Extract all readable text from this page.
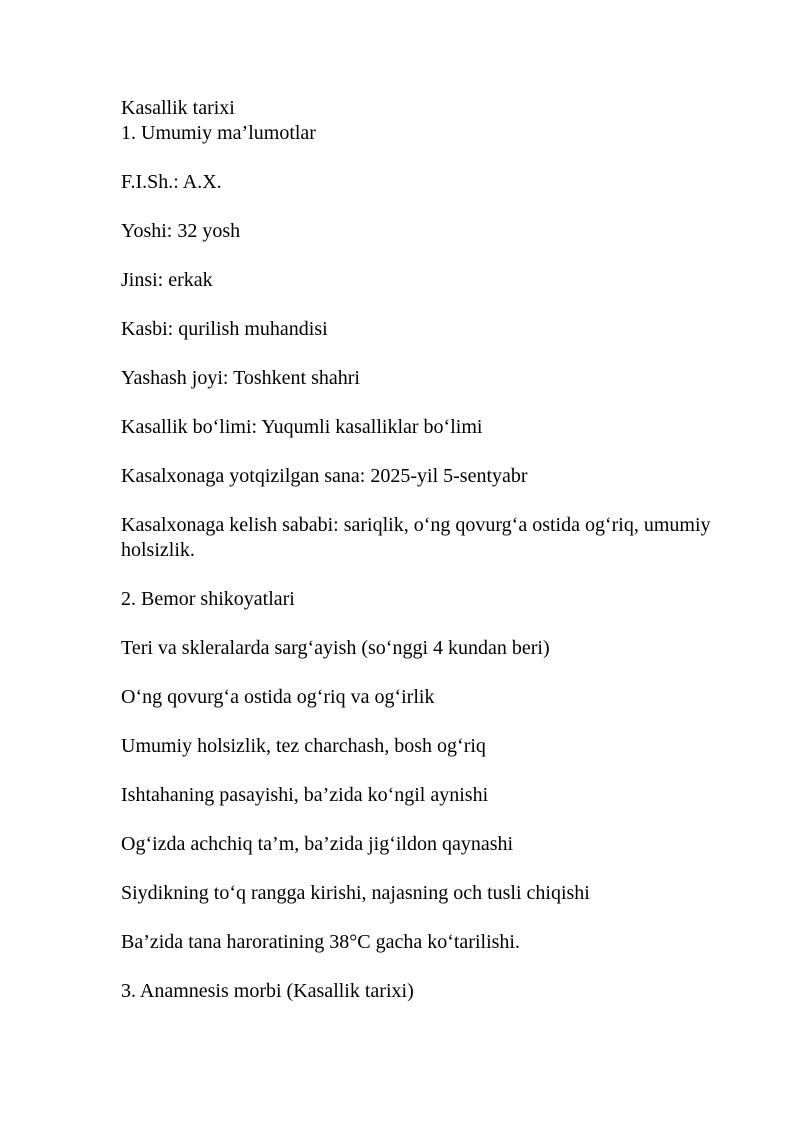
Kasallik tarixi

1. Umumiy ma’lumotlar

F.I.Sh.: A.X.

Yoshi: 32 yosh

Jinsi: erkak

Kasbi: qurilish muhandisi

Yashash joyi: Toshkent shahri

Kasallik bo‘limi: Yuqumli kasalliklar bo‘limi

Kasalxonaga yotqizilgan sana: 2025-yil 5-sentyabr

Kasalxonaga kelish sababi: sariqlik, o‘ng qovurg‘a ostida og‘riq, umumiy holsizlik.

2. Bemor shikoyatlari

Teri va skleralarda sarg‘ayish (so‘nggi 4 kundan beri)

O‘ng qovurg‘a ostida og‘riq va og‘irlik

Umumiy holsizlik, tez charchash, bosh og‘riq

Ishtahaning pasayishi, ba’zida ko‘ngil aynishi

Og‘izda achchiq ta’m, ba’zida jig‘ildon qaynashi

Siydikning to‘q rangga kirishi, najasning och tusli chiqishi

Ba’zida tana haroratining 38°C gacha ko‘tarilishi.

3. Anamnesis morbi (Kasallik tarixi)
